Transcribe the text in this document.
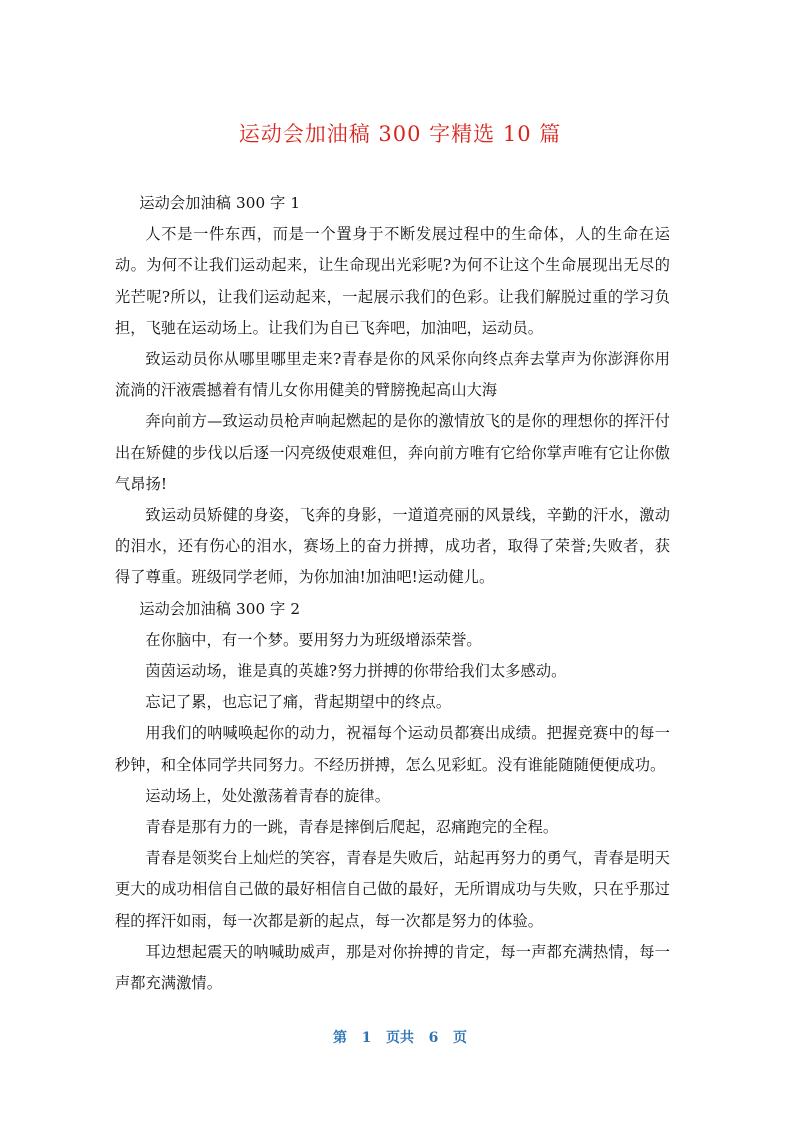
运动会加油稿 300 字精选 10 篇

运动会加油稿 300 字 1

人不是一件东西，而是一个置身于不断发展过程中的生命体，人的生命在运动。为何不让我们运动起来，让生命现出光彩呢?为何不让这个生命展现出无尽的光芒呢?所以，让我们运动起来，一起展示我们的色彩。让我们解脱过重的学习负担，飞驰在运动场上。让我们为自已飞奔吧，加油吧，运动员。

致运动员你从哪里哪里走来?青春是你的风采你向终点奔去掌声为你澎湃你用流淌的汗液震撼着有情儿女你用健美的臂膀挽起高山大海

奔向前方—致运动员枪声响起燃起的是你的激情放飞的是你的理想你的挥汗付出在矫健的步伐以后逐一闪亮级使艰难但，奔向前方唯有它给你掌声唯有它让你傲气昂扬!

致运动员矫健的身姿，飞奔的身影，一道道亮丽的风景线，辛勤的汗水，激动的泪水，还有伤心的泪水，赛场上的奋力拼搏，成功者，取得了荣誉;失败者，获得了尊重。班级同学老师，为你加油!加油吧!运动健儿。

运动会加油稿 300 字 2

在你脑中，有一个梦。要用努力为班级增添荣誉。

茵茵运动场，谁是真的英雄?努力拼搏的你带给我们太多感动。

忘记了累，也忘记了痛，背起期望中的终点。

用我们的呐喊唤起你的动力，祝福每个运动员都赛出成绩。把握竞赛中的每一秒钟，和全体同学共同努力。不经历拼搏，怎么见彩虹。没有谁能随随便便成功。

运动场上，处处激荡着青春的旋律。

青春是那有力的一跳，青春是摔倒后爬起，忍痛跑完的全程。

青春是领奖台上灿烂的笑容，青春是失败后，站起再努力的勇气，青春是明天更大的成功相信自己做的最好相信自己做的最好，无所谓成功与失败，只在乎那过程的挥汗如雨，每一次都是新的起点，每一次都是努力的体验。

耳边想起震天的呐喊助威声，那是对你拚搏的肯定，每一声都充满热情，每一声都充满激情。

第   1   页共   6   页
